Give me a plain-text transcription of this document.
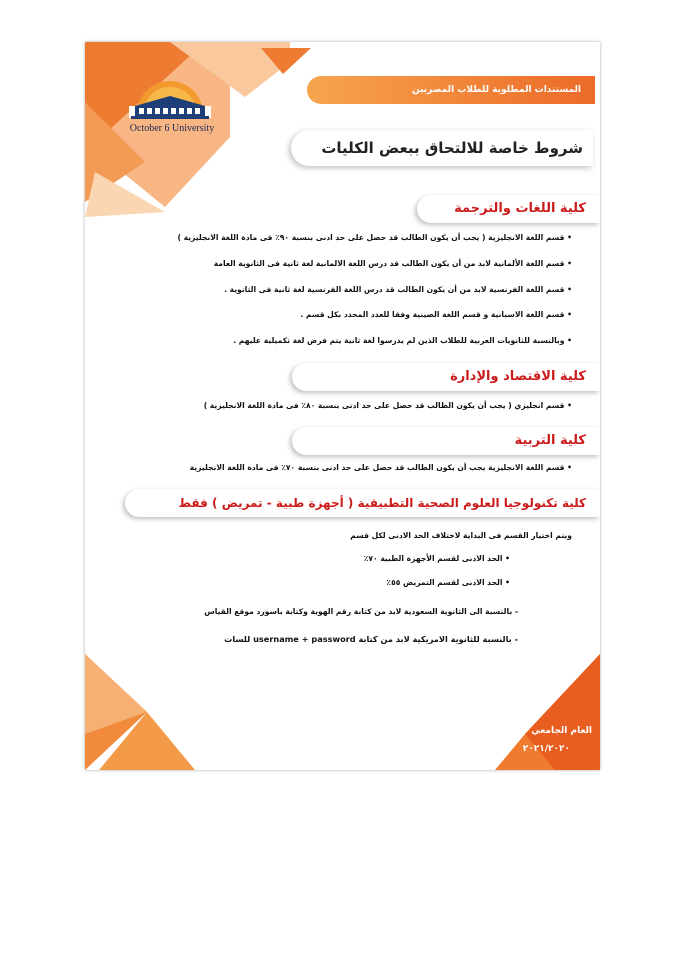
October 6 University
المستندات المطلوبة للطلاب المصريين
شروط خاصة للالتحاق ببعض الكليات
كلية اللغات والترجمة
• قسم اللغة الانجليزية ( يجب أن يكون الطالب قد حصل على حد ادنى بنسبة ٩٠٪ فى مادة اللغة الانجليزية )
• قسم اللغة الألمانية لابد من أن يكون الطالب قد درس اللغة الالمانية لغة ثانية فى الثانوية العامة
• قسم اللغة الفرنسية لابد من أن يكون الطالب قد درس اللغة الفرنسية لغة ثانية فى الثانوية .
• قسم اللغة الاسبانية و قسم اللغة الصينية وفقا للعدد المحدد بكل قسم .
• وبالنسبة للثانويات العربية للطلاب الذين لم يدرسوا لغة ثانية يتم فرض لغة تكميلية عليهم .
كلية الاقتصاد والإدارة
• قسم انجليزي ( يجب أن يكون الطالب قد حصل على حد ادنى بنسبة ٨٠٪ فى مادة اللغة الانجليزية )
كلية التربية
• قسم اللغة الانجليزية يجب أن يكون الطالب قد حصل على حد ادنى بنسبة ٧٠٪ فى مادة اللغة الانجليزية
كلية تكنولوجيا العلوم الصحية التطبيقية ( أجهزة طبية - تمريض ) فقط
ويتم اختيار القسم فى البداية لاختلاف الحد الادنى لكل قسم
• الحد الادنى لقسم الأجهزة الطبية ٧٠٪
• الحد الادنى لقسم التمريض ٥٥٪
- بالنسبة الى الثانوية السعودية لابد من كتابة رقم الهوية وكتابة باسورد موقع القياس
- بالنسبة للثانوية الامريكية لابد من كتابة username + password للسات
العام الجامعي
٢٠٢١/٢٠٢٠
